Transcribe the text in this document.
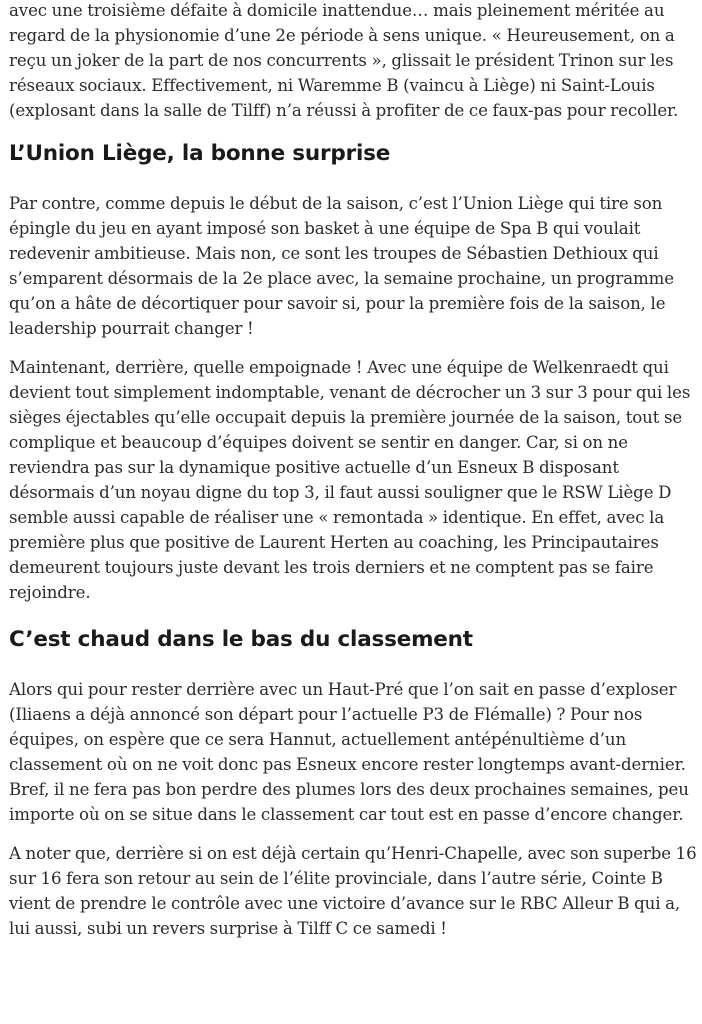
avec une troisième défaite à domicile inattendue… mais pleinement méritée au regard de la physionomie d’une 2e période à sens unique. « Heureusement, on a reçu un joker de la part de nos concurrents », glissait le président Trinon sur les réseaux sociaux. Effectivement, ni Waremme B (vaincu à Liège) ni Saint-Louis (explosant dans la salle de Tilff) n’a réussi à profiter de ce faux-pas pour recoller.

L’Union Liège, la bonne surprise

Par contre, comme depuis le début de la saison, c’est l’Union Liège qui tire son épingle du jeu en ayant imposé son basket à une équipe de Spa B qui voulait redevenir ambitieuse. Mais non, ce sont les troupes de Sébastien Dethioux qui s’emparent désormais de la 2e place avec, la semaine prochaine, un programme qu’on a hâte de décortiquer pour savoir si, pour la première fois de la saison, le leadership pourrait changer !

Maintenant, derrière, quelle empoignade ! Avec une équipe de Welkenraedt qui devient tout simplement indomptable, venant de décrocher un 3 sur 3 pour qui les sièges éjectables qu’elle occupait depuis la première journée de la saison, tout se complique et beaucoup d’équipes doivent se sentir en danger. Car, si on ne reviendra pas sur la dynamique positive actuelle d’un Esneux B disposant désormais d’un noyau digne du top 3, il faut aussi souligner que le RSW Liège D semble aussi capable de réaliser une « remontada » identique. En effet, avec la première plus que positive de Laurent Herten au coaching, les Principautaires demeurent toujours juste devant les trois derniers et ne comptent pas se faire rejoindre.

C’est chaud dans le bas du classement

Alors qui pour rester derrière avec un Haut-Pré que l’on sait en passe d’exploser (Iliaens a déjà annoncé son départ pour l’actuelle P3 de Flémalle) ? Pour nos équipes, on espère que ce sera Hannut, actuellement antépénultième d’un classement où on ne voit donc pas Esneux encore rester longtemps avant-dernier. Bref, il ne fera pas bon perdre des plumes lors des deux prochaines semaines, peu importe où on se situe dans le classement car tout est en passe d’encore changer.

A noter que, derrière si on est déjà certain qu’Henri-Chapelle, avec son superbe 16 sur 16 fera son retour au sein de l’élite provinciale, dans l’autre série, Cointe B vient de prendre le contrôle avec une victoire d’avance sur le RBC Alleur B qui a, lui aussi, subi un revers surprise à Tilff C ce samedi !
